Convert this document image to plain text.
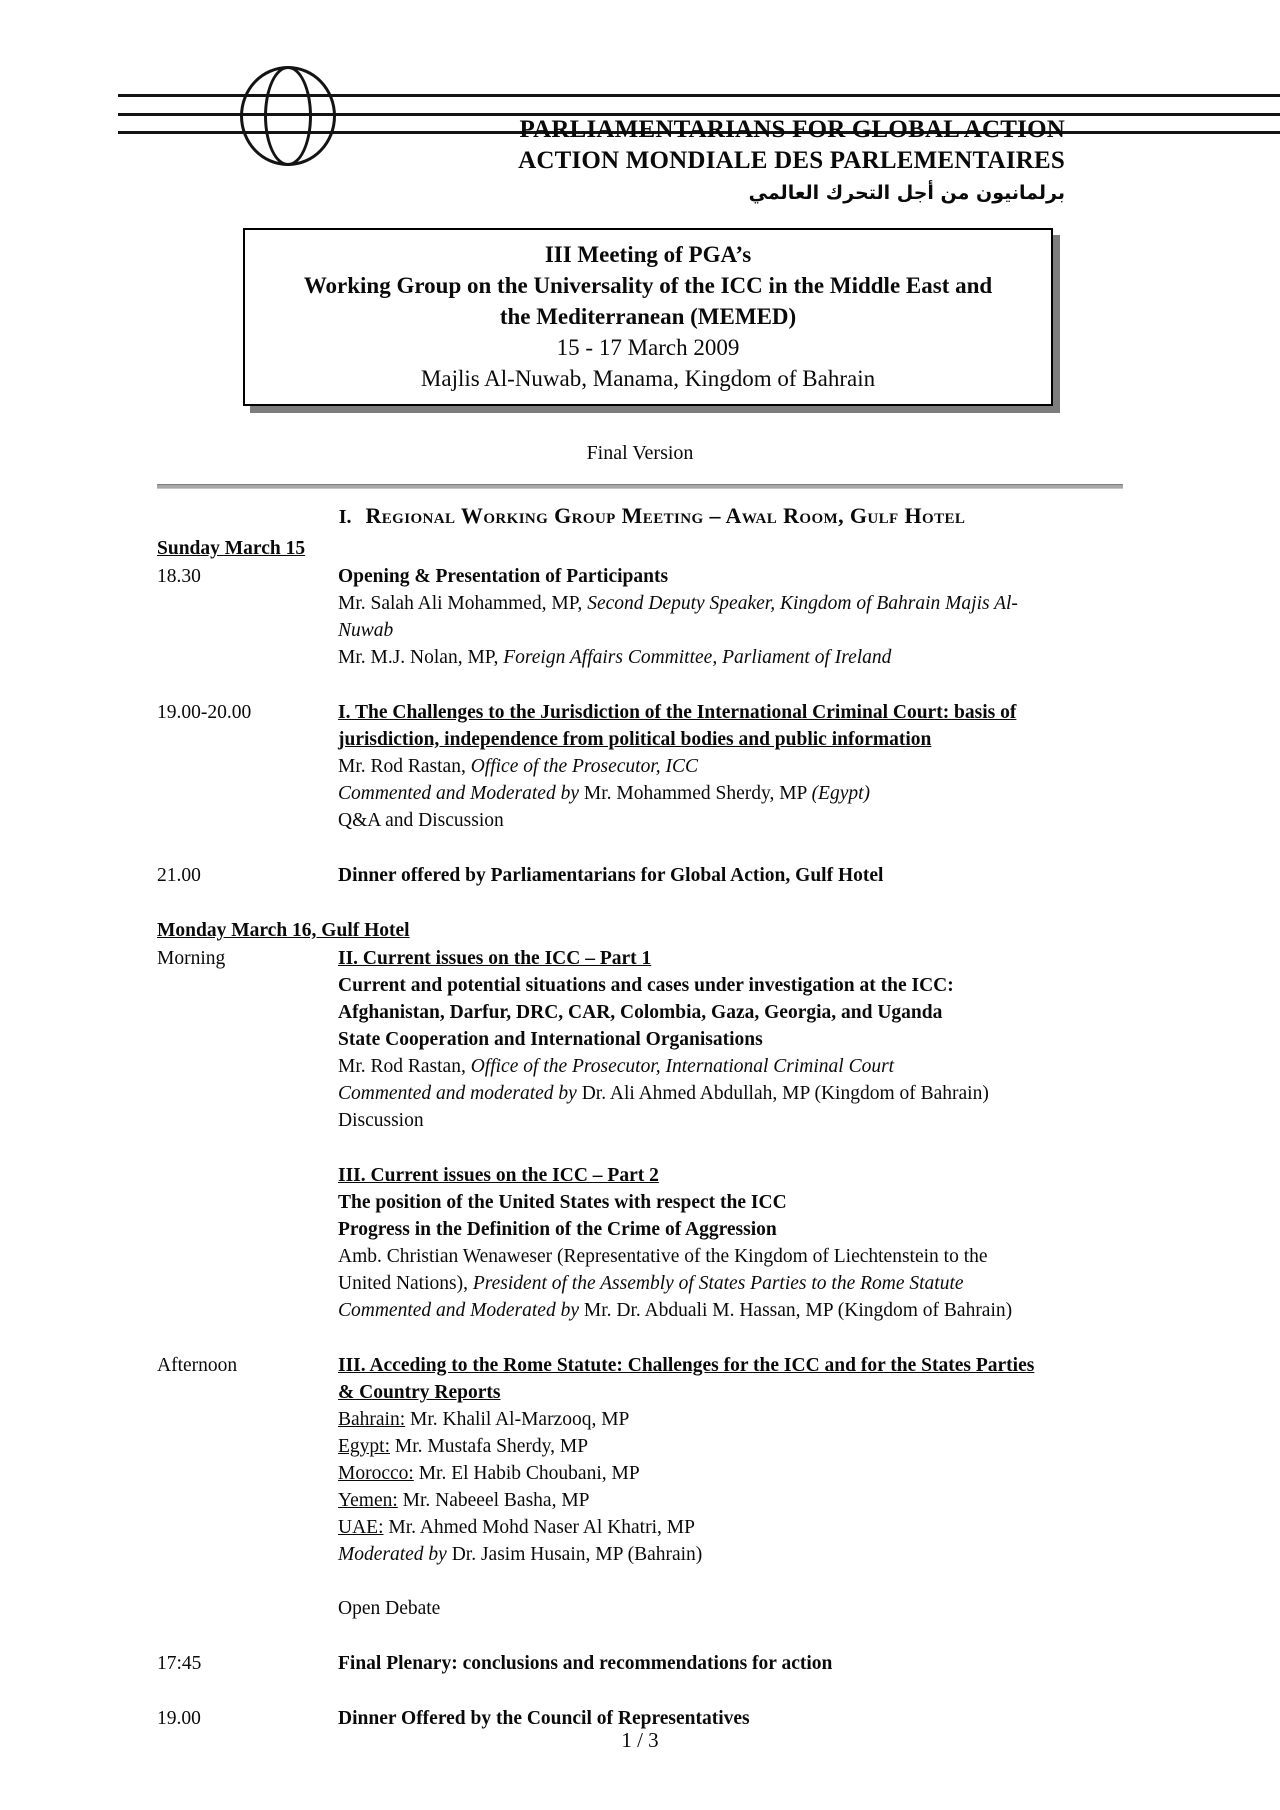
PARLIAMENTARIANS FOR GLOBAL ACTION
ACTION MONDIALE DES PARLEMENTAIRES
برلمانيون من أجل التحرك العالمي
III Meeting of PGA’s
Working Group on the Universality of the ICC in the Middle East and
the Mediterranean (MEMED)
15 - 17 March 2009
Majlis Al-Nuwab, Manama, Kingdom of Bahrain
Final Version
I. Regional Working Group Meeting – Awal Room, Gulf Hotel
Sunday March 15
18.30	Opening & Presentation of Participants
Mr. Salah Ali Mohammed, MP, Second Deputy Speaker, Kingdom of Bahrain Majis Al-
Nuwab
Mr. M.J. Nolan, MP, Foreign Affairs Committee, Parliament of Ireland
19.00-20.00	I. The Challenges to the Jurisdiction of the International Criminal Court: basis of
jurisdiction, independence from political bodies and public information
Mr. Rod Rastan, Office of the Prosecutor, ICC
Commented and Moderated by Mr. Mohammed Sherdy, MP (Egypt)
Q&A and Discussion
21.00	Dinner offered by Parliamentarians for Global Action, Gulf Hotel
Monday March 16, Gulf Hotel
Morning	II. Current issues on the ICC – Part 1
Current and potential situations and cases under investigation at the ICC:
Afghanistan, Darfur, DRC, CAR, Colombia, Gaza, Georgia, and Uganda
State Cooperation and International Organisations
Mr. Rod Rastan, Office of the Prosecutor, International Criminal Court
Commented and moderated by Dr. Ali Ahmed Abdullah, MP (Kingdom of Bahrain)
Discussion
III. Current issues on the ICC – Part 2
The position of the United States with respect the ICC
Progress in the Definition of the Crime of Aggression
Amb. Christian Wenaweser (Representative of the Kingdom of Liechtenstein to the
United Nations), President of the Assembly of States Parties to the Rome Statute
Commented and Moderated by Mr. Dr. Abduali M. Hassan, MP (Kingdom of Bahrain)
Afternoon	III. Acceding to the Rome Statute: Challenges for the ICC and for the States Parties
& Country Reports
Bahrain: Mr. Khalil Al-Marzooq, MP
Egypt: Mr. Mustafa Sherdy, MP
Morocco: Mr. El Habib Choubani, MP
Yemen: Mr. Nabeeel Basha, MP
UAE: Mr. Ahmed Mohd Naser Al Khatri, MP
Moderated by Dr. Jasim Husain, MP (Bahrain)

Open Debate
17:45	Final Plenary: conclusions and recommendations for action
19.00	Dinner Offered by the Council of Representatives
1 / 3
